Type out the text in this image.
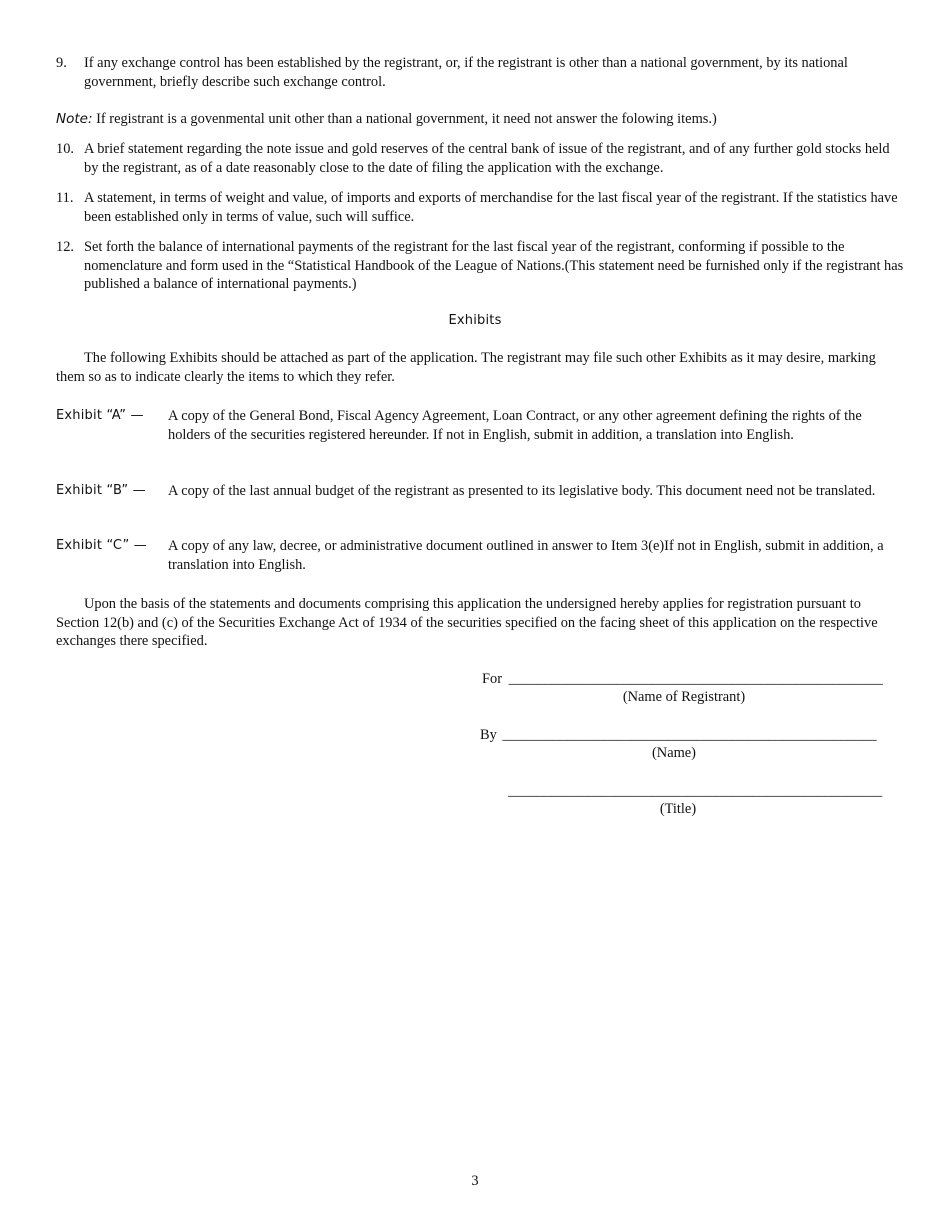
9. If any exchange control has been established by the registrant, or, if the registrant is other than a national government, by its national government, briefly describe such exchange control.
Note: If registrant is a govenmental unit other than a national government, it need not answer the folowing items.)
10. A brief statement regarding the note issue and gold reserves of the central bank of issue of the registrant, and of any further gold stocks held by the registrant, as of a date reasonably close to the date of filing the application with the exchange.
11. A statement, in terms of weight and value, of imports and exports of merchandise for the last fiscal year of the registrant. If the statistics have been established only in terms of value, such will suffice.
12. Set forth the balance of international payments of the registrant for the last fiscal year of the registrant, conforming if possible to the nomenclature and form used in the “Statistical Handbook of the League of Nations.(This statement need be furnished only if the registrant has published a balance of international payments.)
Exhibits
The following Exhibits should be attached as part of the application. The registrant may file such other Exhibits as it may desire, marking them so as to indicate clearly the items to which they refer.
Exhibit “A” — A copy of the General Bond, Fiscal Agency Agreement, Loan Contract, or any other agreement defining the rights of the holders of the securities registered hereunder. If not in English, submit in addition, a translation into English.
Exhibit “B” — A copy of the last annual budget of the registrant as presented to its legislative body. This document need not be translated.
Exhibit “C” — A copy of any law, decree, or administrative document outlined in answer to Item 3(e)If not in English, submit in addition, a translation into English.
Upon the basis of the statements and documents comprising this application the undersigned hereby applies for registration pursuant to Section 12(b) and (c) of the Securities Exchange Act of 1934 of the securities specified on the facing sheet of this application on the respective exchanges there specified.
For ____________________________________________________
(Name of Registrant)
By ____________________________________________________
(Name)
____________________________________________________
(Title)
3
